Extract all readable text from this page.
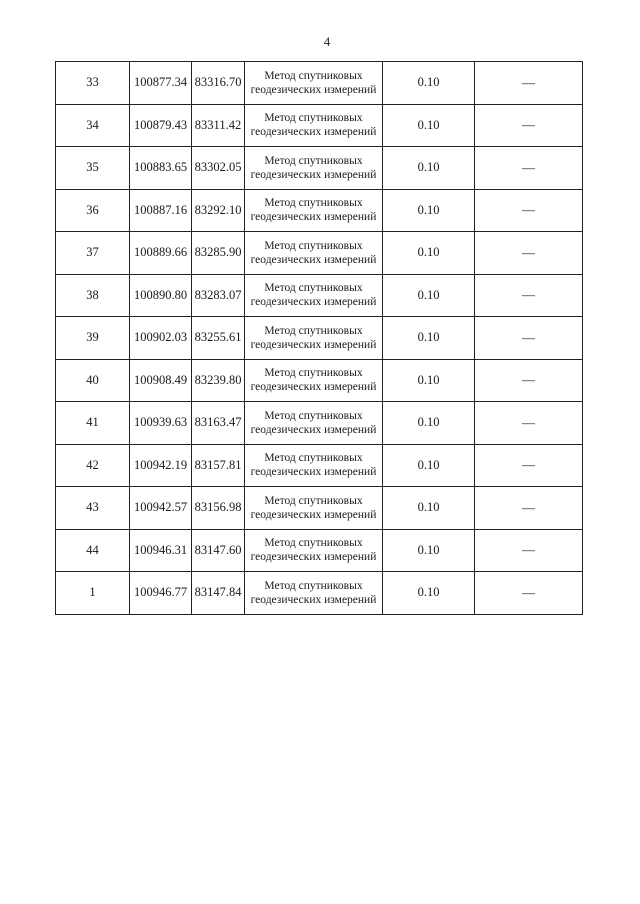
4
33	100877.34	83316.70	Метод спутниковых
геодезических измерений	0.10	—
34	100879.43	83311.42	Метод спутниковых
геодезических измерений	0.10	—
35	100883.65	83302.05	Метод спутниковых
геодезических измерений	0.10	—
36	100887.16	83292.10	Метод спутниковых
геодезических измерений	0.10	—
37	100889.66	83285.90	Метод спутниковых
геодезических измерений	0.10	—
38	100890.80	83283.07	Метод спутниковых
геодезических измерений	0.10	—
39	100902.03	83255.61	Метод спутниковых
геодезических измерений	0.10	—
40	100908.49	83239.80	Метод спутниковых
геодезических измерений	0.10	—
41	100939.63	83163.47	Метод спутниковых
геодезических измерений	0.10	—
42	100942.19	83157.81	Метод спутниковых
геодезических измерений	0.10	—
43	100942.57	83156.98	Метод спутниковых
геодезических измерений	0.10	—
44	100946.31	83147.60	Метод спутниковых
геодезических измерений	0.10	—
1	100946.77	83147.84	Метод спутниковых
геодезических измерений	0.10	—
